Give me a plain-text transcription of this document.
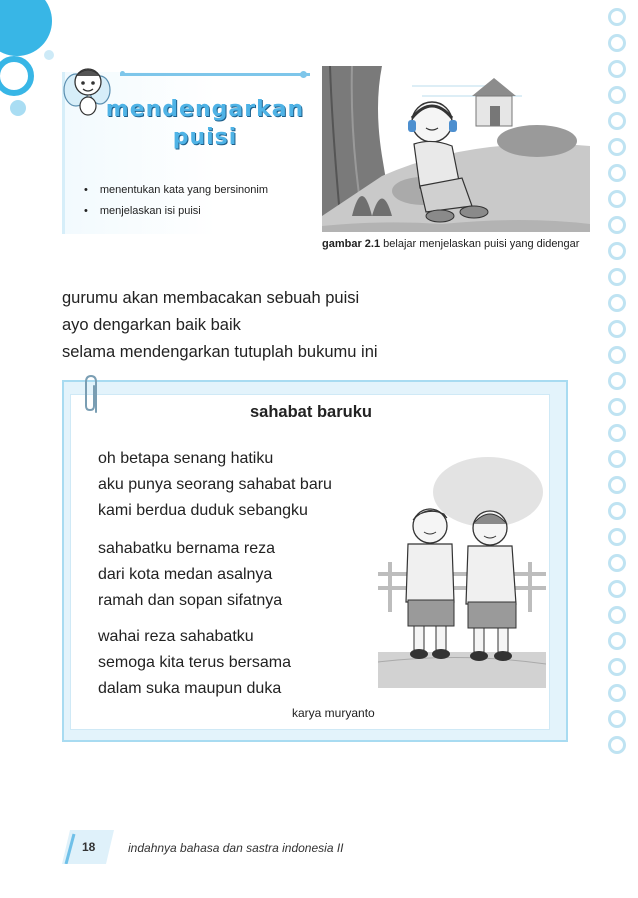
mendengarkan
puisi
• menentukan kata yang bersinonim
• menjelaskan isi puisi
gambar 2.1 belajar menjelaskan puisi yang didengar
gurumu akan membacakan sebuah puisi
ayo dengarkan baik baik
selama mendengarkan tutuplah bukumu ini
sahabat baruku
oh betapa senang hatiku
aku punya seorang sahabat baru
kami berdua duduk sebangku
sahabatku bernama reza
dari kota medan asalnya
ramah dan sopan sifatnya
wahai reza sahabatku
semoga kita terus bersama
dalam suka maupun duka
karya muryanto
18	indahnya bahasa dan sastra indonesia II
